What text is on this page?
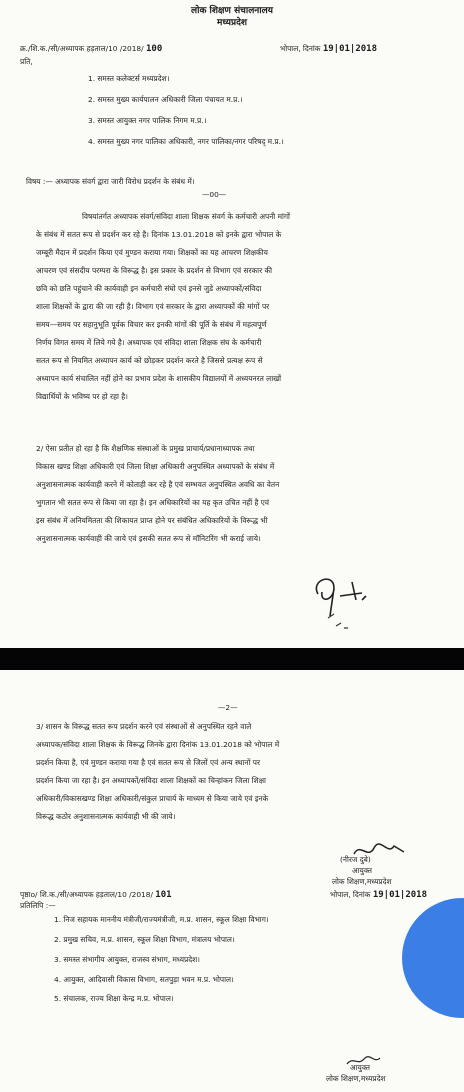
लोक शिक्षण संचालनालय
मध्यप्रदेश
क्र./शि.क./सी/अध्यापक हड़ताल/10 /2018/ 100	भोपाल, दिनांक 19|01|2018
प्रति,
1. समस्त कलेक्टर्स मध्यप्रदेश।
2. समस्त मुख्य कार्यपालन अधिकारी जिला पंचायत म.प्र.।
3. समस्त आयुक्त नगर पालिक निगम म.प्र.।
4. समस्त मुख्य नगर पालिका अधिकारी, नगर पालिका/नगर परिषद् म.प्र.।
विषय :— अध्यापक संवर्ग द्वारा जारी विरोध प्रदर्शन के संबंध में।
—00—
विषयांतर्गत अध्यापक संवर्ग/संविदा शाला शिक्षक संवर्ग के कर्मचारी अपनी मांगों
के संबंध में सतत रूप से प्रदर्शन कर रहे है। दिनांक 13.01.2018 को इनके द्वारा भोपाल के
जम्बूरी मैदान में प्रदर्शन किया एवं मुण्डन कराया गया। शिक्षकों का यह आचरण शिक्षकीय
आचरण एवं संसदीय परम्परा के विरूद्ध है। इस प्रकार के प्रदर्शन से विभाग एवं सरकार की
छवि को छति पहुंचाने की कार्यवाही इन कर्मचारी संघो एवं इनसे जुडे अध्यापकों/संविदा
शाला शिक्षकों के द्वारा की जा रही है। विभाग एवं सरकार के द्वारा अध्यापकों की मांगों पर
समय—समय पर सहानुभूति पूर्वक विचार कर इनकी मांगों की पूर्ति के संबंध में महत्वपूर्ण
निर्णय विगत समय में लिये गये है। अध्यापक एवं संविदा शाला शिक्षक संघ के कर्मचारी
सतत रूप से नियमित अध्यापन कार्य को छोड़कर प्रदर्शन करते है जिससे प्रत्यक्ष रूप से
अध्यापन कार्य संचालित नहीं होने का प्रभाव प्रदेश के शासकीय विद्यालयों में अध्ययनरत लाखों
विद्यार्थियों के भविष्य पर हो रहा है।
2/ ऐसा प्रतीत हो रहा है कि शैक्षणिक संस्थाओं के प्रमुख प्राचार्य/प्रधानाध्यापक तथा
विकास खण्ड शिक्षा अधिकारी एवं जिला शिक्षा अधिकारी अनुपस्थित अध्यापकों के संबंध में
अनुशासनात्मक कार्यवाही करने में कोताही कर रहे है एवं सम्भवत अनुपस्थित अवधि का वेतन
भुगतान भी सतत रूप से किया जा रहा है। इन अधिकारियों का यह कृत उचित नहीं है एवं
इस संबंध में अनियमितता की शिकायत प्राप्त होने पर संबंधित अधिकारियों के विरूद्ध भी
अनुशासनात्मक कार्यवाही की जाये एवं इसकी सतत रूप से मॉनिटरिंग भी कराई जाये।
—2—
3/ शासन के विरूद्ध सतत रूप प्रदर्शन करने एवं संस्थाओं से अनुपस्थित रहने वाले
अध्यापक/संविदा शाला शिक्षक के विरूद्ध जिनके द्वारा दिनांक 13.01.2018 को भोपाल में
प्रदर्शन किया है, एवं मुण्डन कराया गया है एवं सतत रूप से जिलों एवं अन्य स्थानों पर
प्रदर्शन किया जा रहा है। इन अध्यापकों/संविदा शाला शिक्षकों का चिन्हांकन जिला शिक्षा
अधिकारी/विकासखण्ड शिक्षा अधिकारी/संकुल प्राचार्य के माध्यम से किया जाये एवं इनके
विरूद्ध कठोर अनुशासनात्मक कार्यवाही भी की जाये।
(नीरज दुबे)
आयुक्त
लोक शिक्षण,मध्यप्रदेश
पृष्ठाo/ शि.क./सी/अध्यापक हड़ताल/10 /2018/ 101	भोपाल, दिनांक 19|01|2018
प्रतिलिपि :—
1. निज सहायक माननीय मंत्रीजी/राज्यमंत्रीजी, म.प्र. शासन, स्कूल शिक्षा विभाग।
2. प्रमुख सचिव, म.प्र. शासन, स्कूल शिक्षा विभाग, मंत्रालय भोपाल।
3. समस्त संभागीय आयुक्त, राजस्व संभाग, मध्यप्रदेश।
4. आयुक्त, आदिवासी विकास विभाग, सतपुड़ा भवन म.प्र. भोपाल।
5. संचालक, राज्य शिक्षा केन्द्र म.प्र. भोपाल।
आयुक्त
लोक शिक्षण,मध्यप्रदेश
